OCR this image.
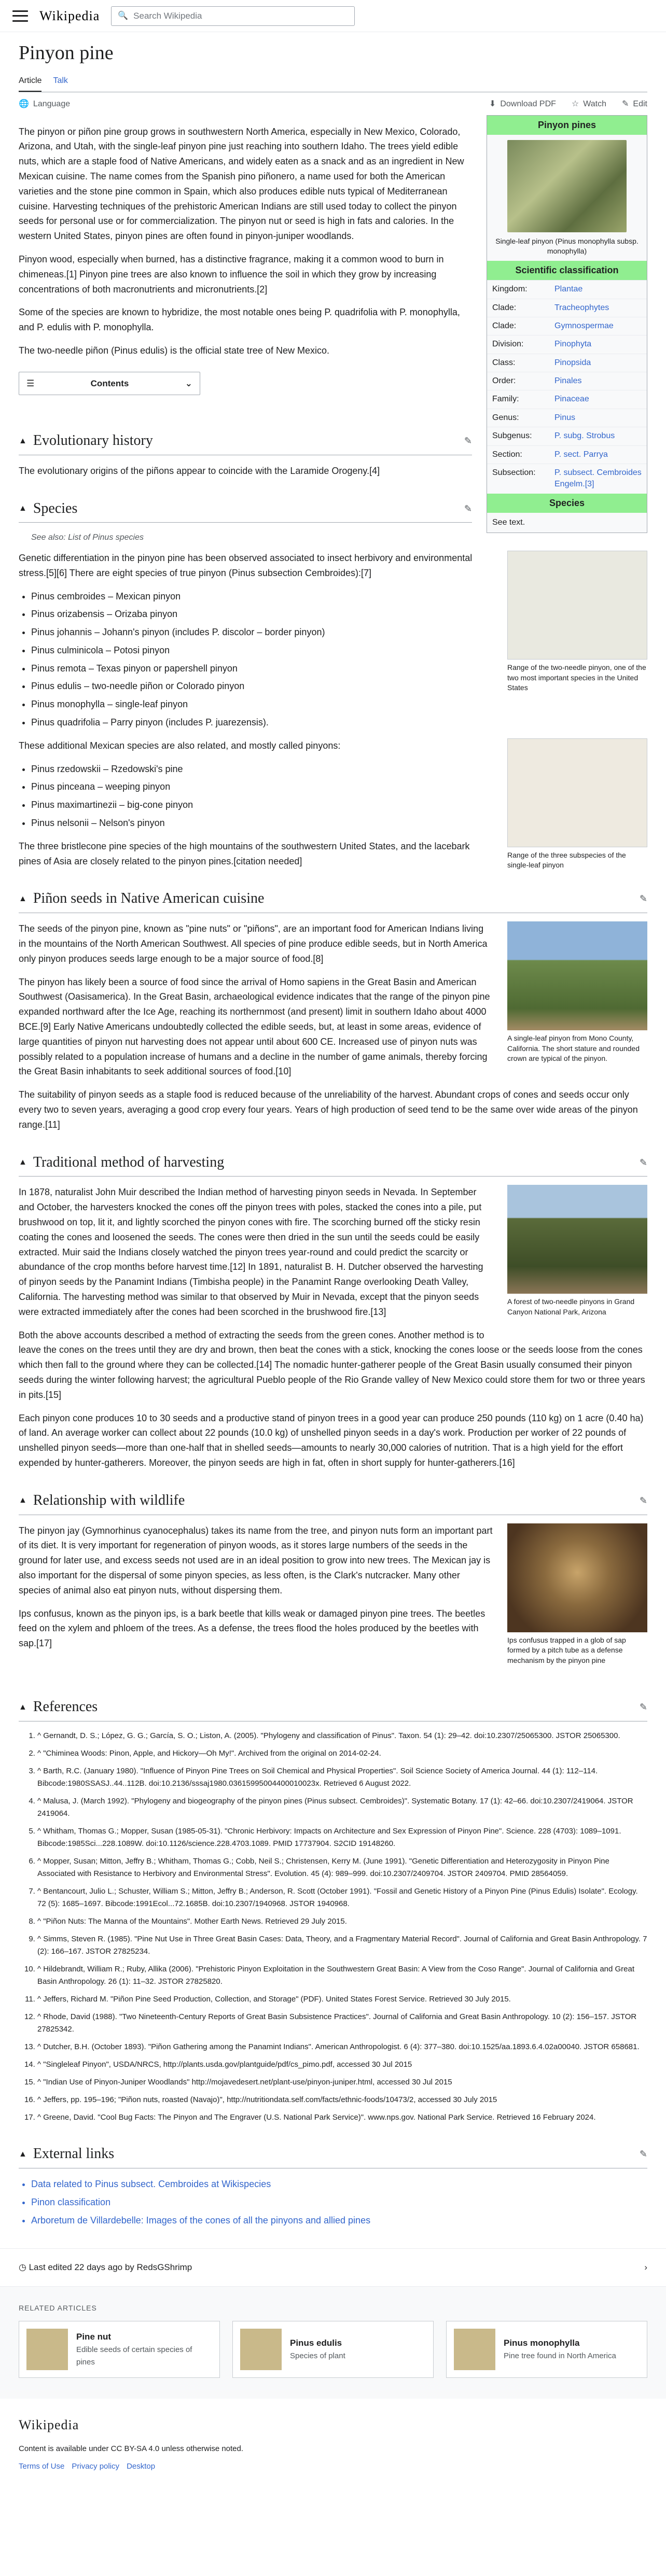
Wikipedia 🔍
Search Wikipedia
Pinyon pine
Article Talk
🌐 Language	⬇ Download PDF ☆ Watch ✎ Edit
Pinyon pines
Single-leaf pinyon (Pinus monophylla subsp. monophylla)
Scientific classification
Kingdom:	Plantae
Clade:	Tracheophytes
Clade:	Gymnospermae
Division:	Pinophyta
Class:	Pinopsida
Order:	Pinales
Family:	Pinaceae
Genus:	Pinus
Subgenus:	P. subg. Strobus
Section:	P. sect. Parrya
Subsection:	P. subsect. Cembroides Engelm.[3]
Species
See text.

The pinyon or piñon pine group grows in southwestern North America, especially in New Mexico, Colorado, Arizona, and Utah, with the single-leaf pinyon pine just reaching into southern Idaho. The trees yield edible nuts, which are a staple food of Native Americans, and widely eaten as a snack and as an ingredient in New Mexican cuisine. The name comes from the Spanish pino piñonero, a name used for both the American varieties and the stone pine common in Spain, which also produces edible nuts typical of Mediterranean cuisine. Harvesting techniques of the prehistoric American Indians are still used today to collect the pinyon seeds for personal use or for commercialization. The pinyon nut or seed is high in fats and calories. In the western United States, pinyon pines are often found in pinyon-juniper woodlands.

Pinyon wood, especially when burned, has a distinctive fragrance, making it a common wood to burn in chimeneas.[1] Pinyon pine trees are also known to influence the soil in which they grow by increasing concentrations of both macronutrients and micronutrients.[2]

Some of the species are known to hybridize, the most notable ones being P. quadrifolia with P. monophylla, and P. edulis with P. monophylla.

The two-needle piñon (Pinus edulis) is the official state tree of New Mexico.

☰	Contents	⌄
▲ Evolutionary history	✎

The evolutionary origins of the piñons appear to coincide with the Laramide Orogeny.[4]

▲ Species	✎
See also: List of Pinus species
Range of the two-needle pinyon, one of the two most important species in the United States

Genetic differentiation in the pinyon pine has been observed associated to insect herbivory and environmental stress.[5][6] There are eight species of true pinyon (Pinus subsection Cembroides):[7]

• Pinus cembroides – Mexican pinyon
• Pinus orizabensis – Orizaba pinyon
• Pinus johannis – Johann's pinyon (includes P. discolor – border pinyon)
• Pinus culminicola – Potosi pinyon
• Pinus remota – Texas pinyon or papershell pinyon
• Pinus edulis – two-needle piñon or Colorado pinyon
• Pinus monophylla – single-leaf pinyon
• Pinus quadrifolia – Parry pinyon (includes P. juarezensis).
Range of the three subspecies of the single-leaf pinyon

These additional Mexican species are also related, and mostly called pinyons:

• Pinus rzedowskii – Rzedowski's pine
• Pinus pinceana – weeping pinyon
• Pinus maximartinezii – big-cone pinyon
• Pinus nelsonii – Nelson's pinyon

The three bristlecone pine species of the high mountains of the southwestern United States, and the lacebark pines of Asia are closely related to the pinyon pines.[citation needed]

▲ Piñon seeds in Native American cuisine	✎
A single-leaf pinyon from Mono County, California. The short stature and rounded crown are typical of the pinyon.

The seeds of the pinyon pine, known as "pine nuts" or "piñons", are an important food for American Indians living in the mountains of the North American Southwest. All species of pine produce edible seeds, but in North America only pinyon produces seeds large enough to be a major source of food.[8]

The pinyon has likely been a source of food since the arrival of Homo sapiens in the Great Basin and American Southwest (Oasisamerica). In the Great Basin, archaeological evidence indicates that the range of the pinyon pine expanded northward after the Ice Age, reaching its northernmost (and present) limit in southern Idaho about 4000 BCE.[9] Early Native Americans undoubtedly collected the edible seeds, but, at least in some areas, evidence of large quantities of pinyon nut harvesting does not appear until about 600 CE. Increased use of pinyon nuts was possibly related to a population increase of humans and a decline in the number of game animals, thereby forcing the Great Basin inhabitants to seek additional sources of food.[10]

The suitability of pinyon seeds as a staple food is reduced because of the unreliability of the harvest. Abundant crops of cones and seeds occur only every two to seven years, averaging a good crop every four years. Years of high production of seed tend to be the same over wide areas of the pinyon range.[11]

▲ Traditional method of harvesting	✎
A forest of two-needle pinyons in Grand Canyon National Park, Arizona

In 1878, naturalist John Muir described the Indian method of harvesting pinyon seeds in Nevada. In September and October, the harvesters knocked the cones off the pinyon trees with poles, stacked the cones into a pile, put brushwood on top, lit it, and lightly scorched the pinyon cones with fire. The scorching burned off the sticky resin coating the cones and loosened the seeds. The cones were then dried in the sun until the seeds could be easily extracted. Muir said the Indians closely watched the pinyon trees year-round and could predict the scarcity or abundance of the crop months before harvest time.[12] In 1891, naturalist B. H. Dutcher observed the harvesting of pinyon seeds by the Panamint Indians (Timbisha people) in the Panamint Range overlooking Death Valley, California. The harvesting method was similar to that observed by Muir in Nevada, except that the pinyon seeds were extracted immediately after the cones had been scorched in the brushwood fire.[13]

Both the above accounts described a method of extracting the seeds from the green cones. Another method is to leave the cones on the trees until they are dry and brown, then beat the cones with a stick, knocking the cones loose or the seeds loose from the cones which then fall to the ground where they can be collected.[14] The nomadic hunter-gatherer people of the Great Basin usually consumed their pinyon seeds during the winter following harvest; the agricultural Pueblo people of the Rio Grande valley of New Mexico could store them for two or three years in pits.[15]

Each pinyon cone produces 10 to 30 seeds and a productive stand of pinyon trees in a good year can produce 250 pounds (110 kg) on 1 acre (0.40 ha) of land. An average worker can collect about 22 pounds (10.0 kg) of unshelled pinyon seeds in a day's work. Production per worker of 22 pounds of unshelled pinyon seeds—more than one-half that in shelled seeds—amounts to nearly 30,000 calories of nutrition. That is a high yield for the effort expended by hunter-gatherers. Moreover, the pinyon seeds are high in fat, often in short supply for hunter-gatherers.[16]

▲ Relationship with wildlife	✎
Ips confusus trapped in a glob of sap formed by a pitch tube as a defense mechanism by the pinyon pine

The pinyon jay (Gymnorhinus cyanocephalus) takes its name from the tree, and pinyon nuts form an important part of its diet. It is very important for regeneration of pinyon woods, as it stores large numbers of the seeds in the ground for later use, and excess seeds not used are in an ideal position to grow into new trees. The Mexican jay is also important for the dispersal of some pinyon species, as less often, is the Clark's nutcracker. Many other species of animal also eat pinyon nuts, without dispersing them.

Ips confusus, known as the pinyon ips, is a bark beetle that kills weak or damaged pinyon pine trees. The beetles feed on the xylem and phloem of the trees. As a defense, the trees flood the holes produced by the beetles with sap.[17]

▲ References	✎
1. ^ Gernandt, D. S.; López, G. G.; García, S. O.; Liston, A. (2005). "Phylogeny and classification of Pinus". Taxon. 54 (1): 29–42. doi:10.2307/25065300. JSTOR 25065300.
2. ^ "Chiminea Woods: Pinon, Apple, and Hickory—Oh My!". Archived from the original on 2014-02-24.
3. ^ Barth, R.C. (January 1980). "Influence of Pinyon Pine Trees on Soil Chemical and Physical Properties". Soil Science Society of America Journal. 44 (1): 112–114. Bibcode:1980SSASJ..44..112B. doi:10.2136/sssaj1980.03615995004400010023x. Retrieved 6 August 2022.
4. ^ Malusa, J. (March 1992). "Phylogeny and biogeography of the pinyon pines (Pinus subsect. Cembroides)". Systematic Botany. 17 (1): 42–66. doi:10.2307/2419064. JSTOR 2419064.
5. ^ Whitham, Thomas G.; Mopper, Susan (1985-05-31). "Chronic Herbivory: Impacts on Architecture and Sex Expression of Pinyon Pine". Science. 228 (4703): 1089–1091. Bibcode:1985Sci...228.1089W. doi:10.1126/science.228.4703.1089. PMID 17737904. S2CID 19148260.
6. ^ Mopper, Susan; Mitton, Jeffry B.; Whitham, Thomas G.; Cobb, Neil S.; Christensen, Kerry M. (June 1991). "Genetic Differentiation and Heterozygosity in Pinyon Pine Associated with Resistance to Herbivory and Environmental Stress". Evolution. 45 (4): 989–999. doi:10.2307/2409704. JSTOR 2409704. PMID 28564059.
7. ^ Bentancourt, Julio L.; Schuster, William S.; Mitton, Jeffry B.; Anderson, R. Scott (October 1991). "Fossil and Genetic History of a Pinyon Pine (Pinus Edulis) Isolate". Ecology. 72 (5): 1685–1697. Bibcode:1991Ecol...72.1685B. doi:10.2307/1940968. JSTOR 1940968.
8. ^ "Piñon Nuts: The Manna of the Mountains". Mother Earth News. Retrieved 29 July 2015.
9. ^ Simms, Steven R. (1985). "Pine Nut Use in Three Great Basin Cases: Data, Theory, and a Fragmentary Material Record". Journal of California and Great Basin Anthropology. 7 (2): 166–167. JSTOR 27825234.
10. ^ Hildebrandt, William R.; Ruby, Allika (2006). "Prehistoric Pinyon Exploitation in the Southwestern Great Basin: A View from the Coso Range". Journal of California and Great Basin Anthropology. 26 (1): 11–32. JSTOR 27825820.
11. ^ Jeffers, Richard M. "Piñon Pine Seed Production, Collection, and Storage" (PDF). United States Forest Service. Retrieved 30 July 2015.
12. ^ Rhode, David (1988). "Two Nineteenth-Century Reports of Great Basin Subsistence Practices". Journal of California and Great Basin Anthropology. 10 (2): 156–157. JSTOR 27825342.
13. ^ Dutcher, B.H. (October 1893). "Piñon Gathering among the Panamint Indians". American Anthropologist. 6 (4): 377–380. doi:10.1525/aa.1893.6.4.02a00040. JSTOR 658681.
14. ^ "Singleleaf Pinyon", USDA/NRCS, http://plants.usda.gov/plantguide/pdf/cs_pimo.pdf, accessed 30 Jul 2015
15. ^ "Indian Use of Pinyon-Juniper Woodlands" http://mojavedesert.net/plant-use/pinyon-juniper.html, accessed 30 Jul 2015
16. ^ Jeffers, pp. 195–196; "Piñon nuts, roasted (Navajo)", http://nutritiondata.self.com/facts/ethnic-foods/10473/2, accessed 30 July 2015
17. ^ Greene, David. "Cool Bug Facts: The Pinyon and The Engraver (U.S. National Park Service)". www.nps.gov. National Park Service. Retrieved 16 February 2024.
▲ External links	✎
• Data related to Pinus subsect. Cembroides at Wikispecies
• Pinon classification
• Arboretum de Villardebelle: Images of the cones of all the pinyons and allied pines
◷ Last edited 22 days ago by RedsGShrimp	›
RELATED ARTICLES
Pine nut
Edible seeds of certain species of pines
Pinus edulis
Species of plant
Pinus monophylla
Pine tree found in North America
Wikipedia
Content is available under CC BY-SA 4.0 unless otherwise noted.
Terms of Use Privacy policy Desktop
